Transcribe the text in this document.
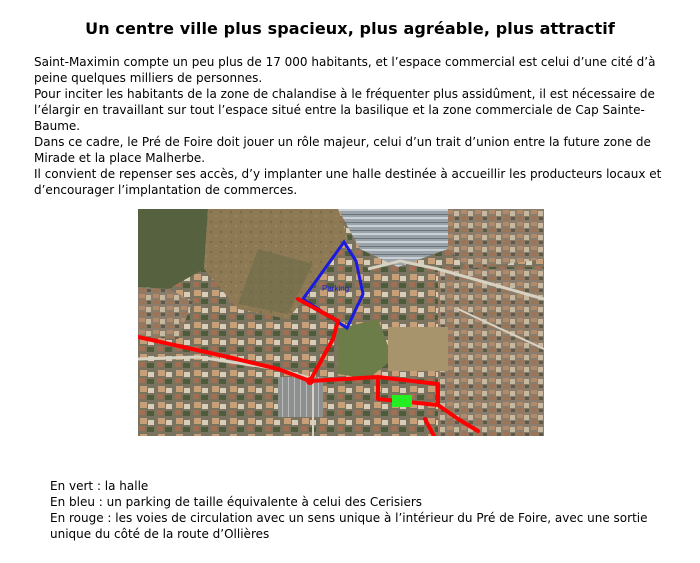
Un centre ville plus spacieux, plus agréable, plus attractif

Saint-Maximin compte un peu plus de 17 000 habitants, et l’espace commercial est celui d’une cité d’à peine quelques milliers de personnes.

Pour inciter les habitants de la zone de chalandise à le fréquenter plus assidûment, il est nécessaire de l’élargir en travaillant sur tout l’espace situé entre la basilique et la zone commerciale de Cap Sainte-Baume.

Dans ce cadre, le Pré de Foire doit jouer un rôle majeur, celui d’un trait d’union entre la future zone de Mirade et la place Malherbe.

Il convient de repenser ses accès, d’y implanter une halle destinée à accueillir les producteurs locaux et d’encourager l’implantation de commerces.

Parking

En vert : la halle

En bleu : un parking de taille équivalente à celui des Cerisiers

En rouge : les voies de circulation avec un sens unique à l’intérieur du Pré de Foire, avec une sortie unique du côté de la route d’Ollières
